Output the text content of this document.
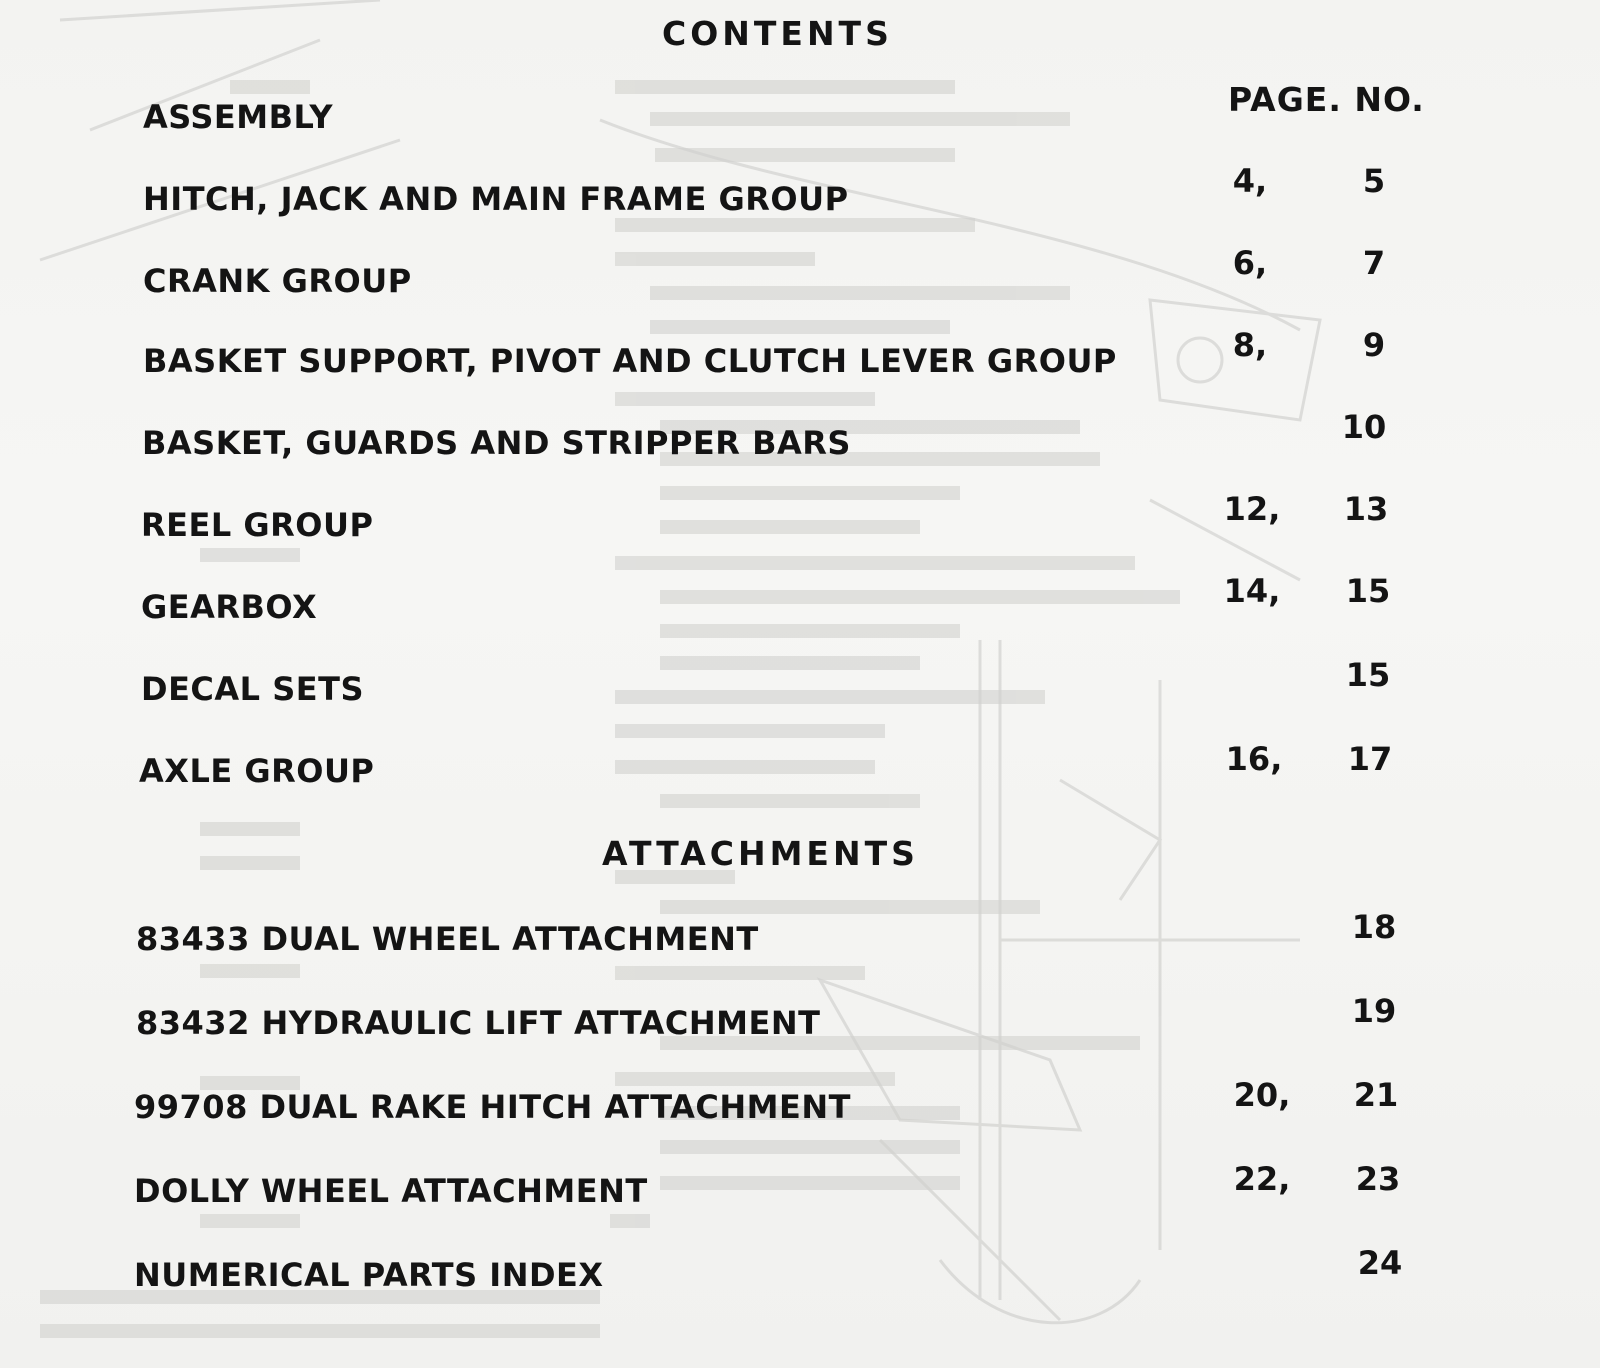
CONTENTS
PAGE. NO.
ASSEMBLY
HITCH, JACK AND MAIN FRAME GROUP	4,	5
CRANK GROUP	6,	7
BASKET SUPPORT, PIVOT AND CLUTCH LEVER GROUP	8,	9
BASKET, GUARDS AND STRIPPER BARS	10
REEL GROUP	12,	13
GEARBOX	14,	15
DECAL SETS	15
AXLE GROUP	16,	17
ATTACHMENTS
83433 DUAL WHEEL ATTACHMENT	18
83432 HYDRAULIC LIFT ATTACHMENT	19
99708 DUAL RAKE HITCH ATTACHMENT	20,	21
DOLLY WHEEL ATTACHMENT	22,	23
NUMERICAL PARTS INDEX	24
